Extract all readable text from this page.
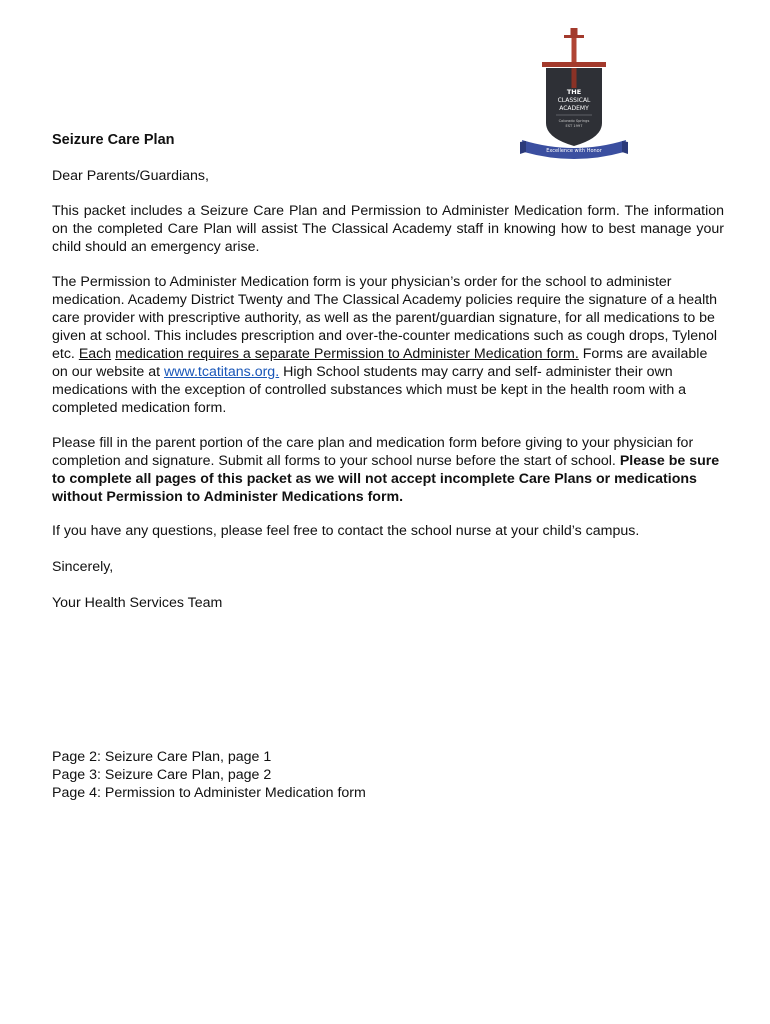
THE
CLASSICAL
ACADEMY
Colorado Springs
EST 1997
Excellence with Honor

Seizure Care Plan

Dear Parents/Guardians,

This packet includes a Seizure Care Plan and Permission to Administer Medication form. The information on the completed Care Plan will assist The Classical Academy staff in knowing how to best manage your child should an emergency arise.

The Permission to Administer Medication form is your physician’s order for the school to administer medication. Academy District Twenty and The Classical Academy policies require the signature of a health care provider with prescriptive authority, as well as the parent/guardian signature, for all medications to be given at school. This includes prescription and over-the-counter medications such as cough drops, Tylenol etc. Each medication requires a separate Permission to Administer Medication form. Forms are available on our website at www.tcatitans.org. High School students may carry and self- administer their own medications with the exception of controlled substances which must be kept in the health room with a completed medication form.

Please fill in the parent portion of the care plan and medication form before giving to your physician for completion and signature. Submit all forms to your school nurse before the start of school. Please be sure to complete all pages of this packet as we will not accept incomplete Care Plans or medications without Permission to Administer Medications form.

If you have any questions, please feel free to contact the school nurse at your child’s campus.

Sincerely,

Your Health Services Team

Page 2: Seizure Care Plan, page 1
Page 3: Seizure Care Plan, page 2
Page 4: Permission to Administer Medication form
